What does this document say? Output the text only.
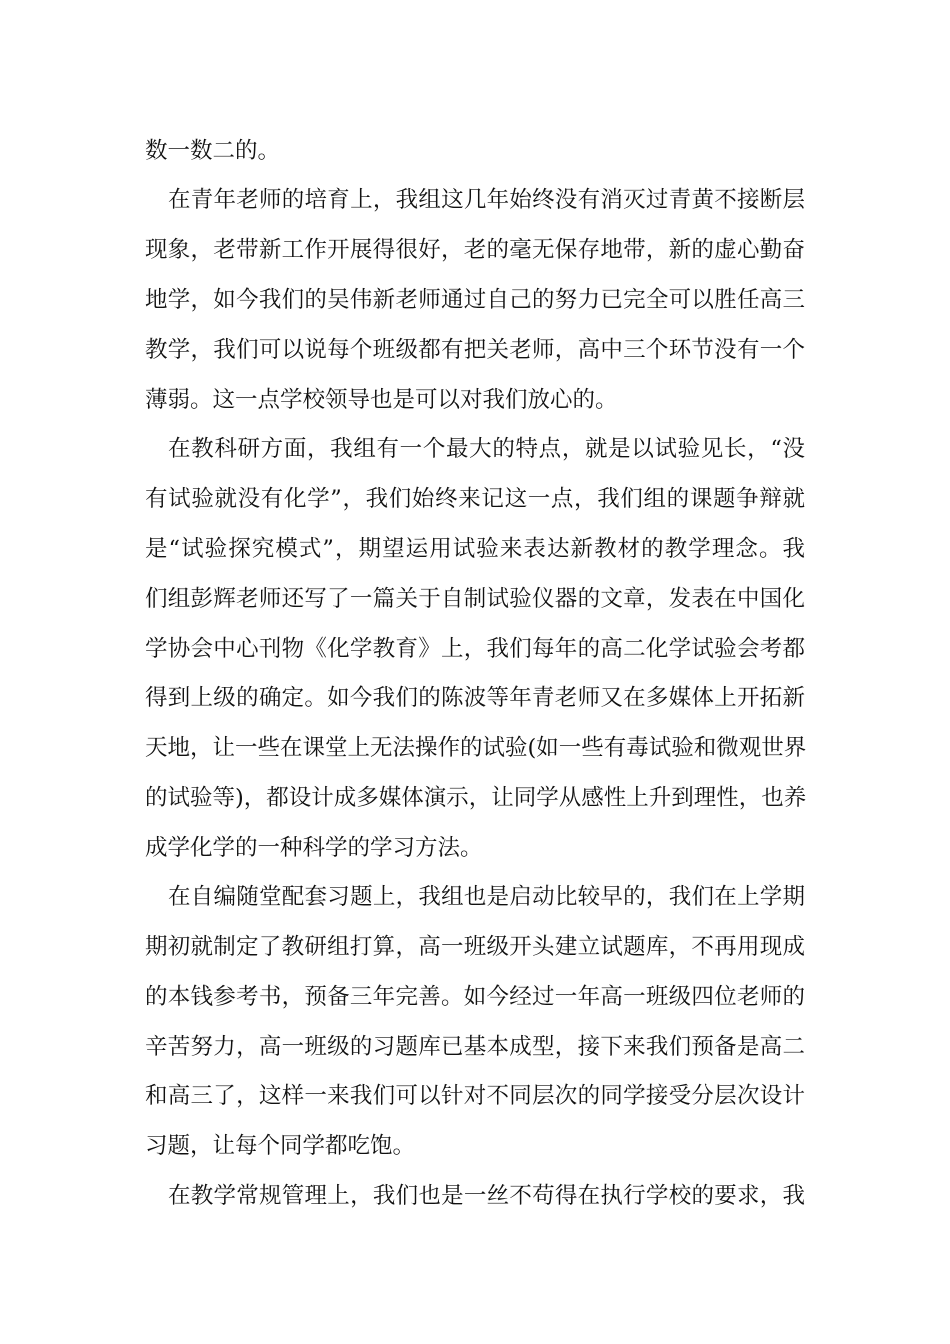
数一数二的。
在青年老师的培育上，我组这几年始终没有消灭过青黄不接断层
现象，老带新工作开展得很好，老的毫无保存地带，新的虚心勤奋
地学，如今我们的吴伟新老师通过自己的努力已完全可以胜任高三
教学，我们可以说每个班级都有把关老师，高中三个环节没有一个
薄弱。这一点学校领导也是可以对我们放心的。
在教科研方面，我组有一个最大的特点，就是以试验见长，“没
有试验就没有化学”，我们始终来记这一点，我们组的课题争辩就
是“试验探究模式”，期望运用试验来表达新教材的教学理念。我
们组彭辉老师还写了一篇关于自制试验仪器的文章，发表在中国化
学协会中心刊物《化学教育》上，我们每年的高二化学试验会考都
得到上级的确定。如今我们的陈波等年青老师又在多媒体上开拓新
天地，让一些在课堂上无法操作的试验(如一些有毒试验和微观世界
的试验等)，都设计成多媒体演示，让同学从感性上升到理性，也养
成学化学的一种科学的学习方法。
在自编随堂配套习题上，我组也是启动比较早的，我们在上学期
期初就制定了教研组打算，高一班级开头建立试题库，不再用现成
的本钱参考书，预备三年完善。如今经过一年高一班级四位老师的
辛苦努力，高一班级的习题库已基本成型，接下来我们预备是高二
和高三了，这样一来我们可以针对不同层次的同学接受分层次设计
习题，让每个同学都吃饱。
在教学常规管理上，我们也是一丝不苟得在执行学校的要求，我
